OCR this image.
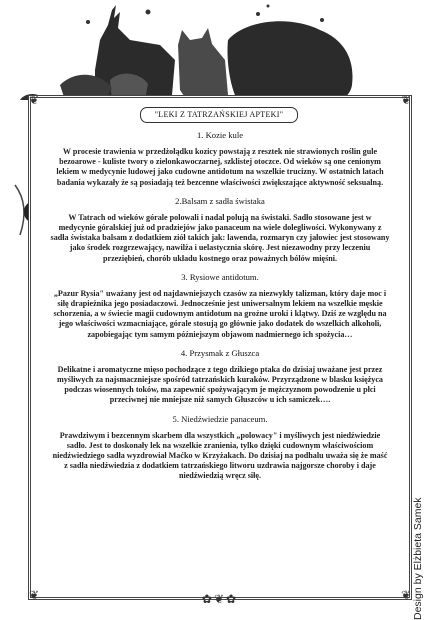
❦	❦
❦	❦
✿❦✿
"LEKI Z TATRZAŃSKIEJ APTEKI"
1. Kozie kule

W procesie trawienia w przedżołądku kozicy powstają z resztek nie strawionych roślin gule bezoarowe - kuliste twory o zielonkawoczarnej, szklistej otoczce. Od wieków są one cenionym lekiem w medycynie ludowej jako cudowne antidotum na wszelkie trucizny. W ostatnich latach badania wykazały że są posiadają też bezcenne właściwości zwiększające aktywność seksualną.

2.Balsam z sadła świstaka

W Tatrach od wieków górale polowali i nadal polują na świstaki. Sadło stosowane jest w medycynie góralskiej już od pradziejów jako panaceum na wiele dolegliwości. Wykonywany z sadła świstaka balsam z dodatkiem ziół takich jak: lawenda, rozmaryn czy jałowiec jest stosowany jako środek rozgrzewający, nawilża i uelastycznia skórę. Jest niezawodny przy leczeniu przeziębień, chorób układu kostnego oraz poważnych bólów mięśni.

3. Rysiowe antidotum.

„Pazur Rysia" uważany jest od najdawniejszych czasów za niezwykły talizman, który daje moc i siłę drapieżnika jego posiadaczowi. Jednocześnie jest uniwersalnym lekiem na wszelkie męskie schorzenia, a w świecie magii cudownym antidotum na groźne uroki i klątwy. Dziś ze względu na jego właściwości wzmacniające, górale stosują go głównie jako dodatek do wszelkich alkoholi, zapobiegając tym samym późniejszym objawom nadmiernego ich spożycia…

4. Przysmak z Głuszca

Delikatne i aromatyczne mięso pochodzące z tego dzikiego ptaka do dzisiaj uważane jest przez myśliwych za najsmaczniejsze spośród tatrzańskich kuraków. Przyrządzone w blasku księżyca podczas wiosennych toków, ma zapewnić spożywającym je mężczyznom powodzenie u płci przeciwnej nie mniejsze niż samych Głuszców u ich samiczek….

5. Niedźwiedzie panaceum.

Prawdziwym i bezcennym skarbem dla wszystkich „polowacy" i myśliwych jest niedźwiedzie sadło. Jest to doskonały lek na wszelkie zranienia, tylko dzięki cudownym właściwościom niedźwiedziego sadła wyzdrowiał Maćko w Krzyżakach. Do dzisiaj na podhalu uważa się że maść z sadła niedźwiedzia z dodatkiem tatrzańskiego litworu uzdrawia najgorsze choroby i daje niedźwiedzią wręcz siłę.

Design by Elżbieta Samek
